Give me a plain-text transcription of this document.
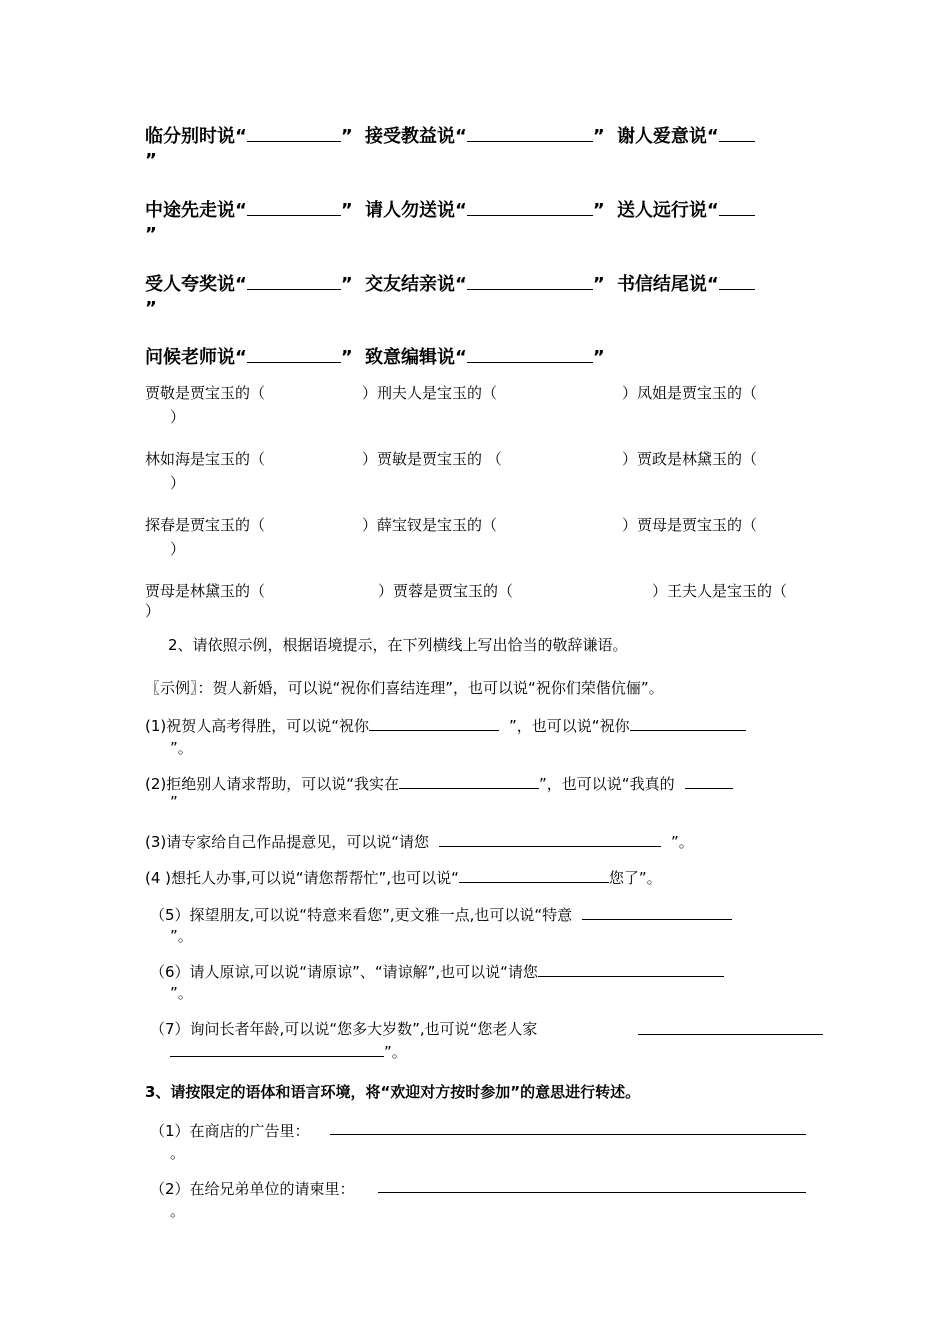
临分别时说“	” 接受教益说“	” 谢人爱意说“
”
中途先走说“	” 请人勿送说“	” 送人远行说“
”
受人夸奖说“	” 交友结亲说“	” 书信结尾说“
”
问候老师说“	” 致意编辑说“	”
贾敬是贾宝玉的（	）刑夫人是宝玉的（	）凤姐是贾宝玉的（
）
林如海是宝玉的（	）贾敏是贾宝玉的 （	）贾政是林黛玉的（
）
探春是贾宝玉的（	）薛宝钗是宝玉的（	）贾母是贾宝玉的（
）
贾母是林黛玉的（	）贾蓉是贾宝玉的（	）王夫人是宝玉的（
）
2、请依照示例，根据语境提示，在下列横线上写出恰当的敬辞谦语。
〖示例〗：贺人新婚，可以说“祝你们喜结连理”，也可以说“祝你们荣偕伉俪”。
(1)祝贺人高考得胜，可以说“祝你	”，也可以说“祝你
”。
(2)拒绝别人请求帮助，可以说“我实在	”，也可以说“我真的
”
(3)请专家给自己作品提意见，可以说“请您	”。
(4 )想托人办事,可以说“请您帮帮忙”,也可以说“	您了”。
（5）探望朋友,可以说“特意来看您”,更文雅一点,也可以说“特意
”。
（6）请人原谅,可以说“请原谅”、“请谅解”,也可以说“请您
”。
（7）询问长者年龄,可以说“您多大岁数”,也可说“您老人家
”。
3、请按限定的语体和语言环境，将“欢迎对方按时参加”的意思进行转述。
（1）在商店的广告里：
。
（2）在给兄弟单位的请柬里：
。
